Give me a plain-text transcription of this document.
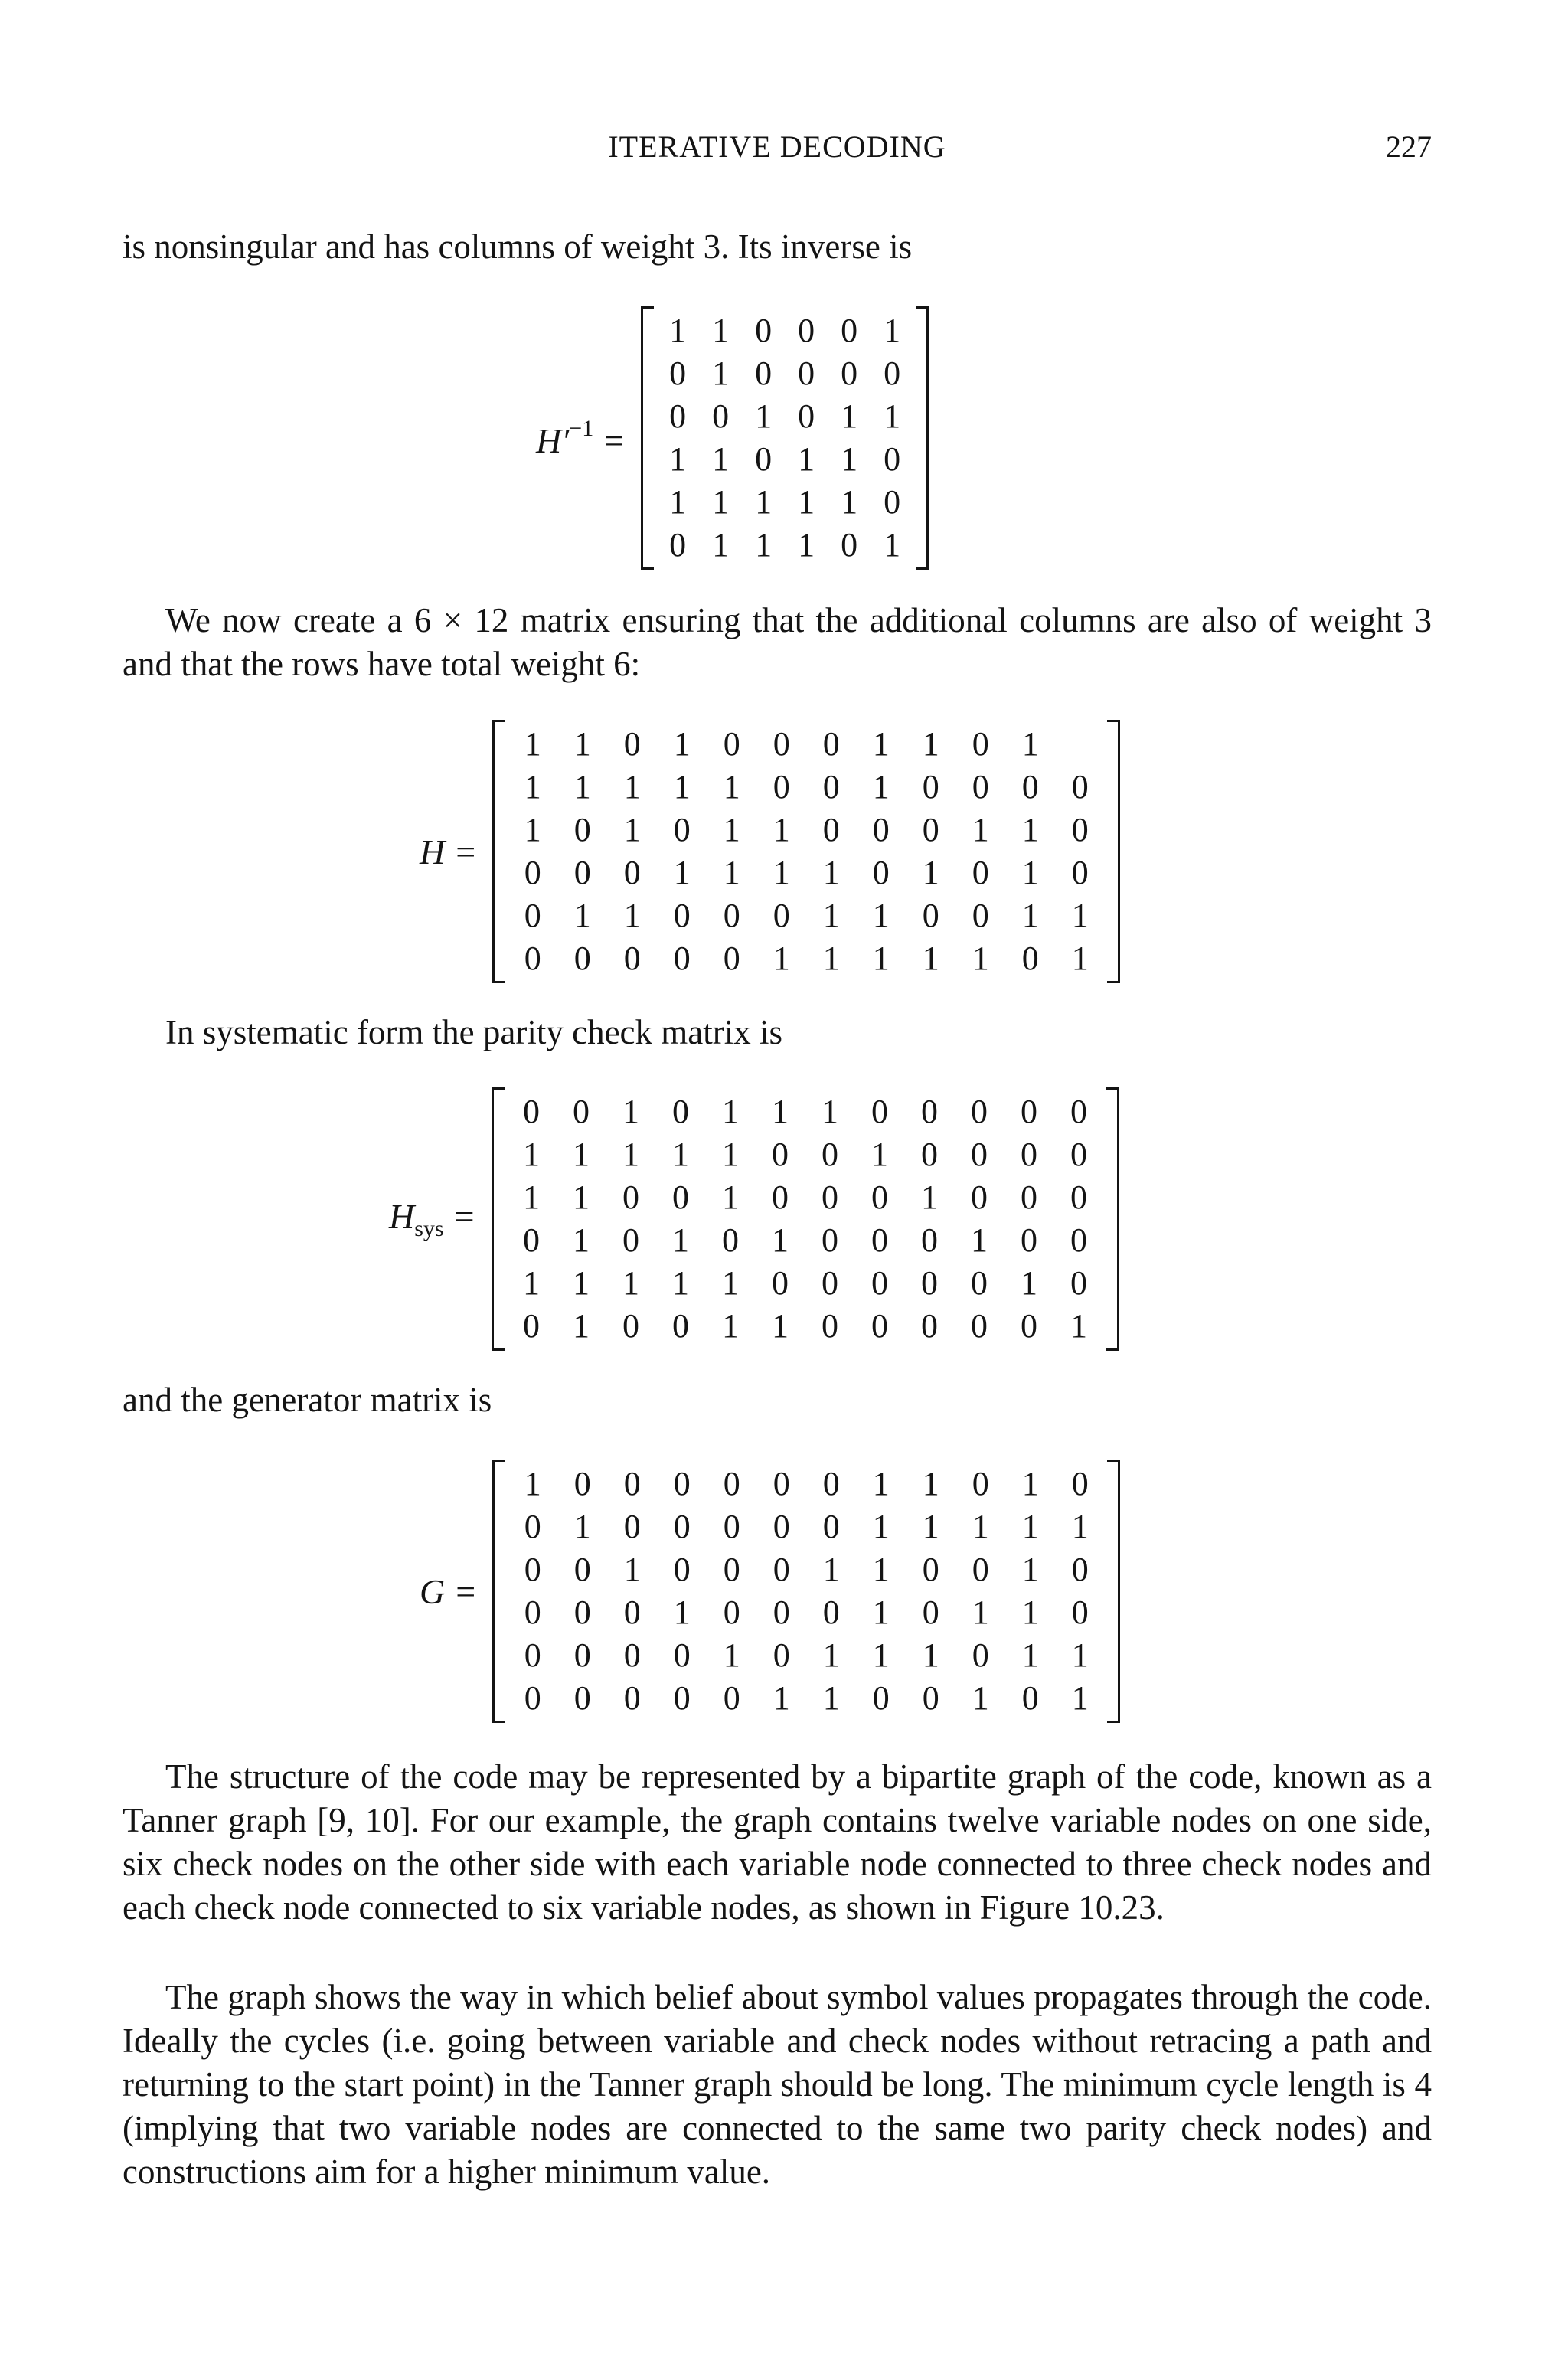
ITERATIVE DECODING	227

is nonsingular and has columns of weight 3. Its inverse is

$H'^{-1}$ =
1 1 0 0 0 1
0 1 0 0 0 0
0 0 1 0 1 1
1 1 0 1 1 0
1 1 1 1 1 0
0 1 1 1 0 1

We now create a 6 × 12 matrix ensuring that the additional columns are also of weight 3 and that the rows have total weight 6:

H =
1 1 0 1 0 0 0 1 1 0 1
1 1 1 1 1 0 0 1 0 0 0 0
1 0 1 0 1 1 0 0 0 1 1 0
0 0 0 1 1 1 1 0 1 0 1 0
0 1 1 0 0 0 1 1 0 0 1 1
0 0 0 0 0 1 1 1 1 1 0 1

In systematic form the parity check matrix is

$H_{sys}$ =
0 0 1 0 1 1 1 0 0 0 0 0
1 1 1 1 1 0 0 1 0 0 0 0
1 1 0 0 1 0 0 0 1 0 0 0
0 1 0 1 0 1 0 0 0 1 0 0
1 1 1 1 1 0 0 0 0 0 1 0
0 1 0 0 1 1 0 0 0 0 0 1

and the generator matrix is

G =
1 0 0 0 0 0 0 1 1 0 1 0
0 1 0 0 0 0 0 1 1 1 1 1
0 0 1 0 0 0 1 1 0 0 1 0
0 0 0 1 0 0 0 1 0 1 1 0
0 0 0 0 1 0 1 1 1 0 1 1
0 0 0 0 0 1 1 0 0 1 0 1

The structure of the code may be represented by a bipartite graph of the code, known as a Tanner graph [9, 10]. For our example, the graph contains twelve variable nodes on one side, six check nodes on the other side with each variable node connected to three check nodes and each check node connected to six variable nodes, as shown in Figure 10.23.

The graph shows the way in which belief about symbol values propagates through the code. Ideally the cycles (i.e. going between variable and check nodes without retracing a path and returning to the start point) in the Tanner graph should be long. The minimum cycle length is 4 (implying that two variable nodes are connected to the same two parity check nodes) and constructions aim for a higher minimum value.
